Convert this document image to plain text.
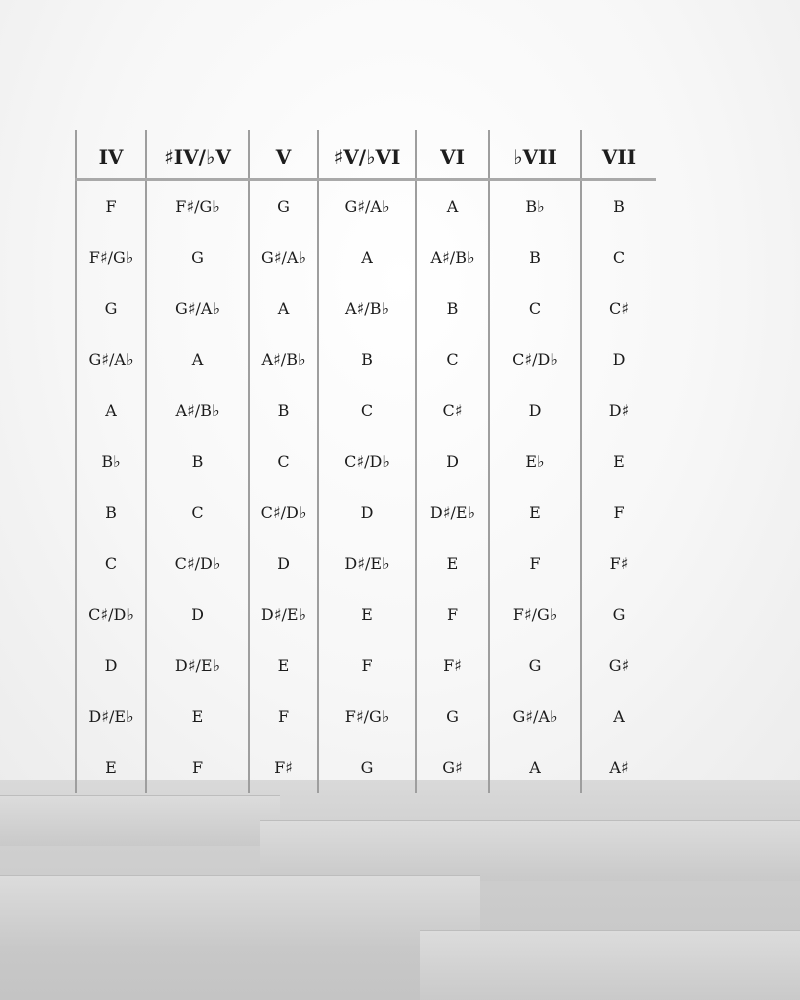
IV	♯IV/♭V	V	♯V/♭VI	VI	♭VII	VII
F	F♯/G♭	G	G♯/A♭	A	B♭	B
F♯/G♭	G	G♯/A♭	A	A♯/B♭	B	C
G	G♯/A♭	A	A♯/B♭	B	C	C♯
G♯/A♭	A	A♯/B♭	B	C	C♯/D♭	D
A	A♯/B♭	B	C	C♯	D	D♯
B♭	B	C	C♯/D♭	D	E♭	E
B	C	C♯/D♭	D	D♯/E♭	E	F
C	C♯/D♭	D	D♯/E♭	E	F	F♯
C♯/D♭	D	D♯/E♭	E	F	F♯/G♭	G
D	D♯/E♭	E	F	F♯	G	G♯
D♯/E♭	E	F	F♯/G♭	G	G♯/A♭	A
E	F	F♯	G	G♯	A	A♯
